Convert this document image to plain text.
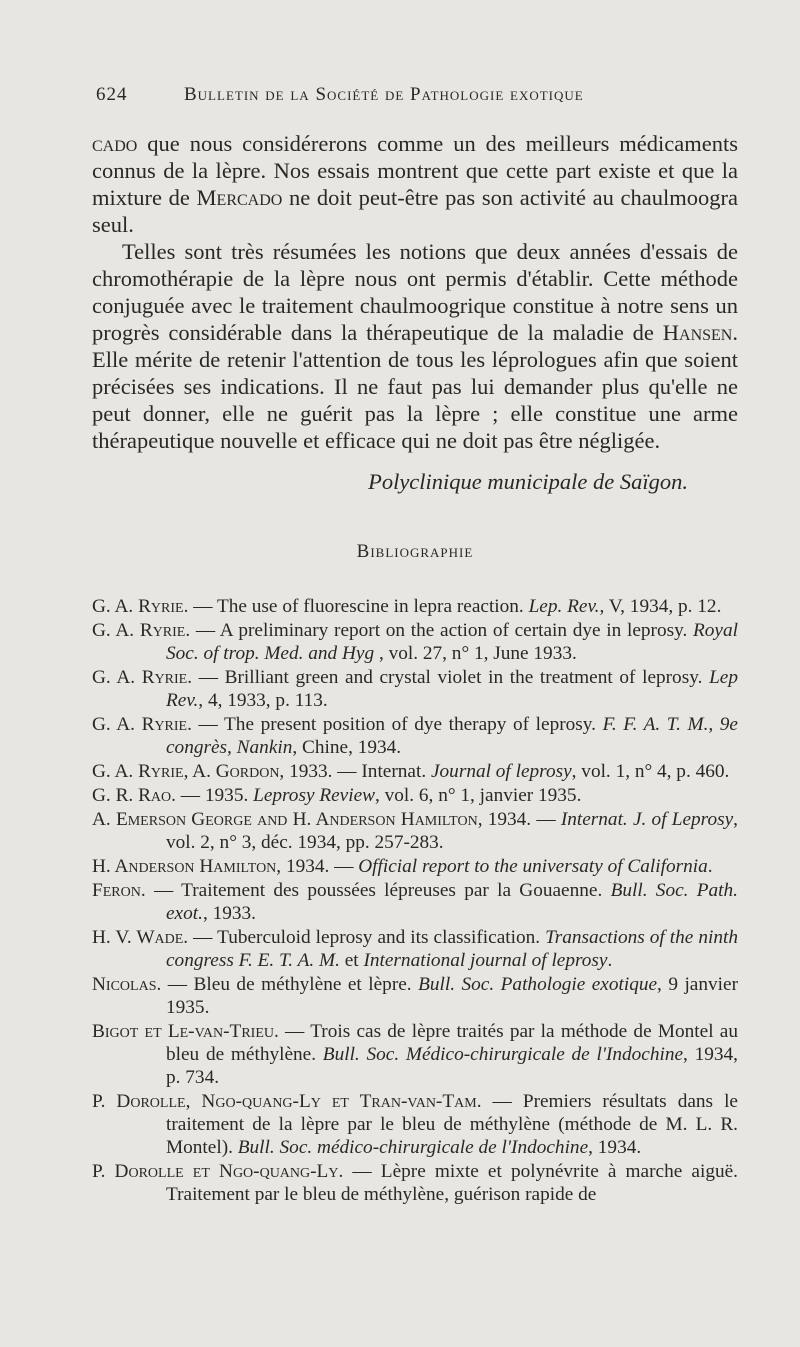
624	Bulletin de la Société de Pathologie exotique

cado que nous considérerons comme un des meilleurs médicaments connus de la lèpre. Nos essais montrent que cette part existe et que la mixture de Mercado ne doit peut-être pas son activité au chaulmoogra seul.

Telles sont très résumées les notions que deux années d'essais de chromothérapie de la lèpre nous ont permis d'établir. Cette méthode conjuguée avec le traitement chaulmoogrique constitue à notre sens un progrès considérable dans la thérapeutique de la maladie de Hansen. Elle mérite de retenir l'attention de tous les léprologues afin que soient précisées ses indications. Il ne faut pas lui demander plus qu'elle ne peut donner, elle ne guérit pas la lèpre ; elle constitue une arme thérapeutique nouvelle et efficace qui ne doit pas être négligée.

Polyclinique municipale de Saïgon.
Bibliographie

G. A. Ryrie. — The use of fluorescine in lepra reaction. Lep. Rev., V, 1934, p. 12.

G. A. Ryrie. — A preliminary report on the action of certain dye in leprosy. Royal Soc. of trop. Med. and Hyg , vol. 27, n° 1, June 1933.

G. A. Ryrie. — Brilliant green and crystal violet in the treatment of leprosy. Lep Rev., 4, 1933, p. 113.

G. A. Ryrie. — The present position of dye therapy of leprosy. F. F. A. T. M., 9e congrès, Nankin, Chine, 1934.

G. A. Ryrie, A. Gordon, 1933. — Internat. Journal of leprosy, vol. 1, n° 4, p. 460.

G. R. Rao. — 1935. Leprosy Review, vol. 6, n° 1, janvier 1935.

A. Emerson George and H. Anderson Hamilton, 1934. — Internat. J. of Leprosy, vol. 2, n° 3, déc. 1934, pp. 257-283.

H. Anderson Hamilton, 1934. — Official report to the universaty of California.

Feron. — Traitement des poussées lépreuses par la Gouaenne. Bull. Soc. Path. exot., 1933.

H. V. Wade. — Tuberculoid leprosy and its classification. Transactions of the ninth congress F. E. T. A. M. et International journal of leprosy.

Nicolas. — Bleu de méthylène et lèpre. Bull. Soc. Pathologie exotique, 9 janvier 1935.

Bigot et Le-van-Trieu. — Trois cas de lèpre traités par la méthode de Montel au bleu de méthylène. Bull. Soc. Médico-chirurgicale de l'Indochine, 1934, p. 734.

P. Dorolle, Ngo-quang-Ly et Tran-van-Tam. — Premiers résultats dans le traitement de la lèpre par le bleu de méthylène (méthode de M. L. R. Montel). Bull. Soc. médico-chirurgicale de l'Indochine, 1934.

P. Dorolle et Ngo-quang-Ly. — Lèpre mixte et polynévrite à marche aiguë. Traitement par le bleu de méthylène, guérison rapide de
